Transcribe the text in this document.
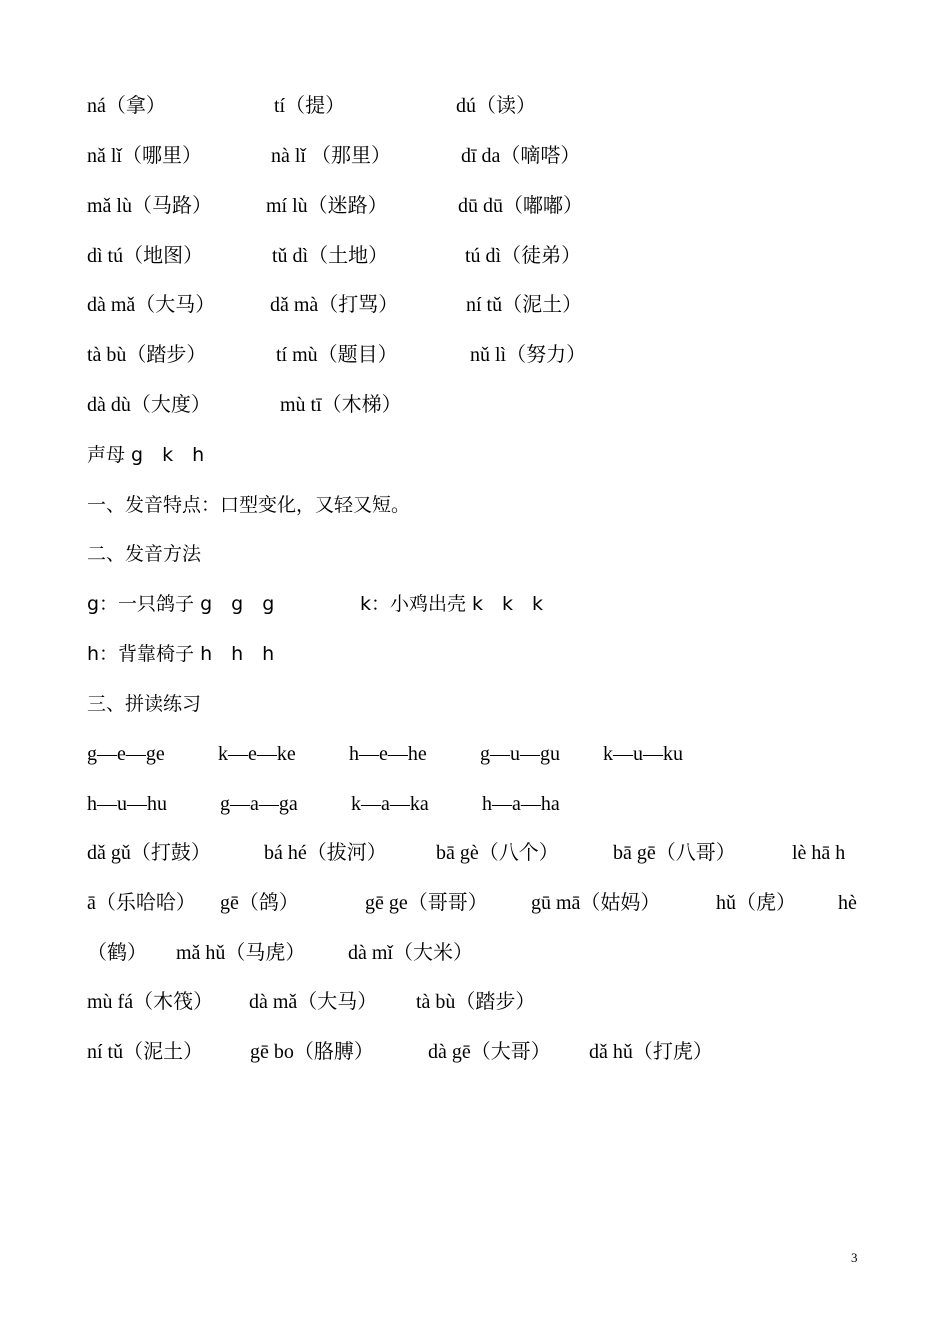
ná（拿）	tí（提）	dú（读）
nǎ lǐ（哪里）	nà lǐ （那里）	dī da（嘀嗒）
mǎ lù（马路）	mí lù（迷路）	dū dū（嘟嘟）
dì tú（地图）	tǔ dì（土地）	tú dì（徒弟）
dà mǎ（大马）	dǎ mà（打骂）	ní tǔ（泥土）
tà bù（踏步）	tí mù（题目）	nǔ lì（努力）
dà dù（大度）	mù tī（木梯）
声母 g　k　h
一、发音特点：口型变化，又轻又短。
二、发音方法
g：一只鸽子 g　g　g	k：小鸡出壳 k　k　k
h：背靠椅子 h　h　h
三、拼读练习
g—e—ge	k—e—ke	h—e—he	g—u—gu k—u—ku
h—u—hu	g—a—ga	k—a—ka	h—a—ha
dǎ gǔ（打鼓）	bá hé（拔河） bā gè（八个）	bā gē（八哥）	lè hā h
ā（乐哈哈） gē（鸽）	gē ge（哥哥） gū mā（姑妈）	hǔ（虎） hè
（鹤） mǎ hǔ（马虎） dà mǐ（大米）
mù fá（木筏） dà mǎ（大马） tà bù（踏步）
ní tǔ（泥土） gē bo（胳膊）	dà gē（大哥） dǎ hǔ（打虎）
3
